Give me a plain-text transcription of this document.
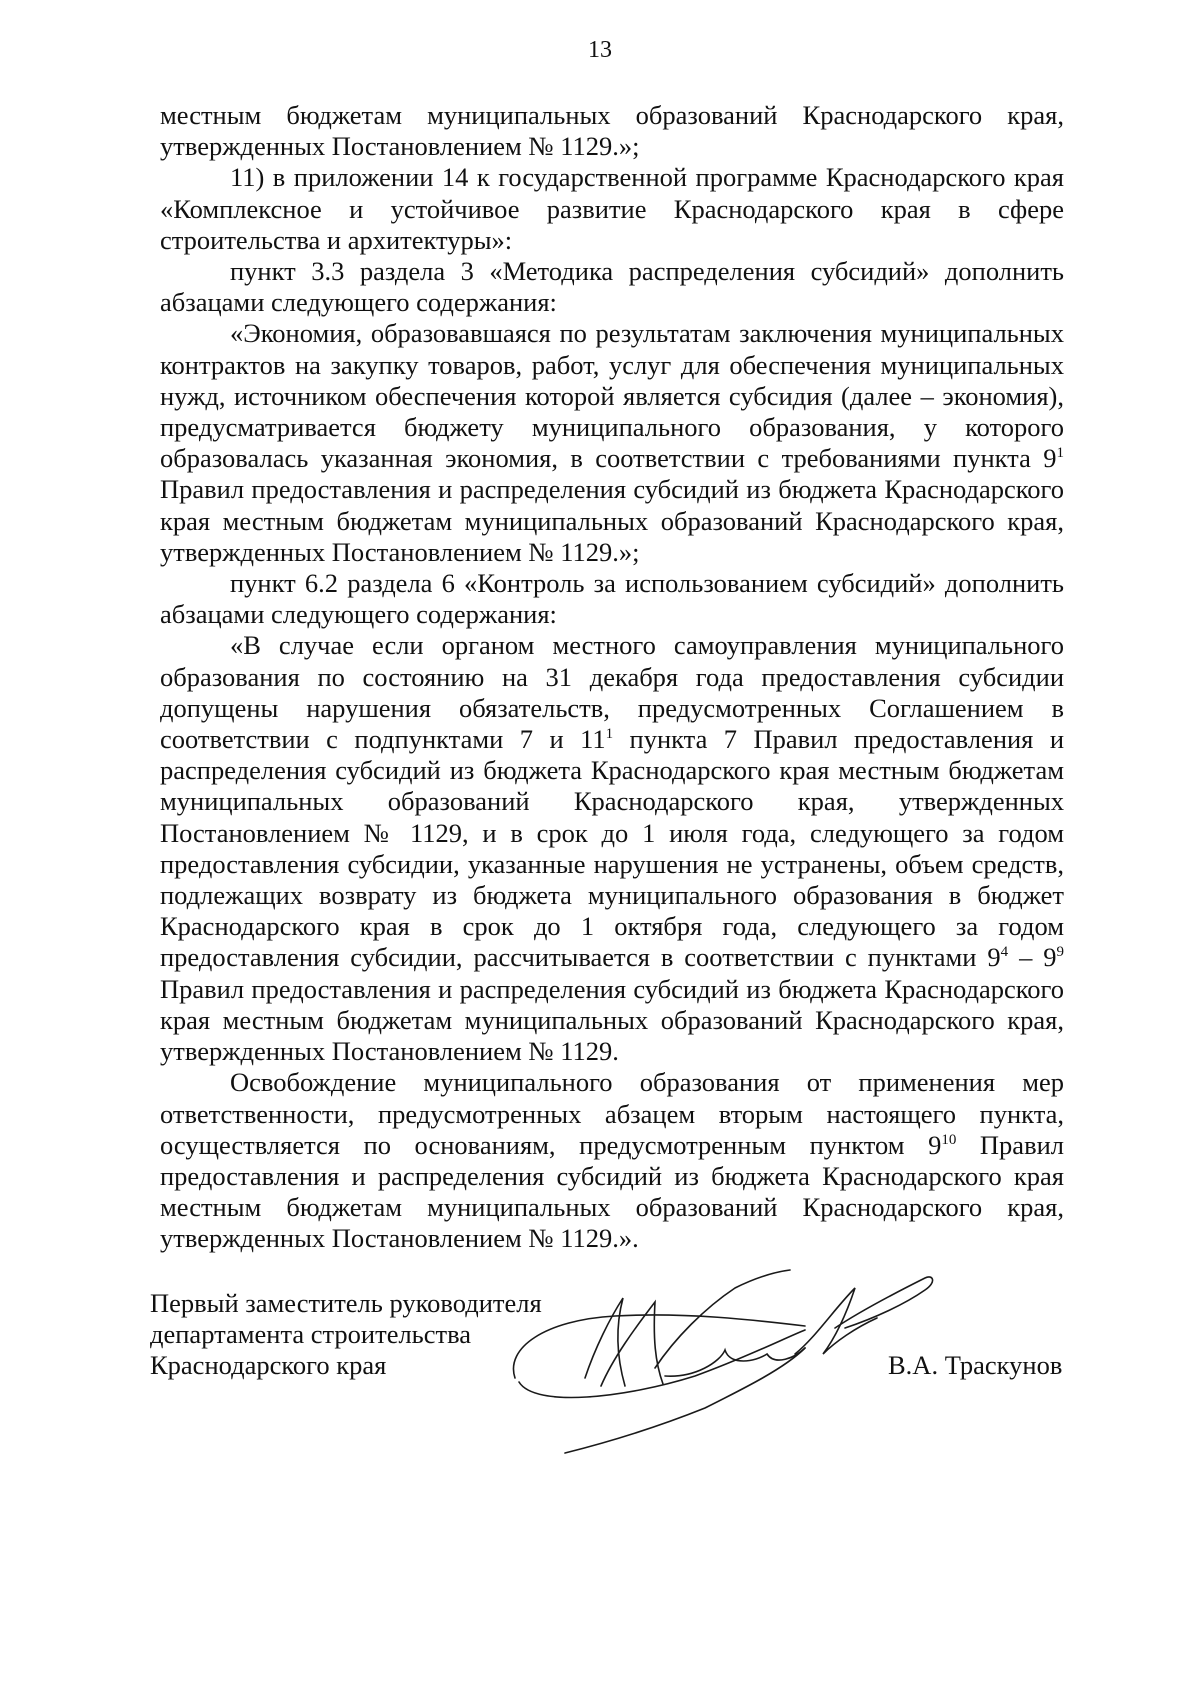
13

местным бюджетам муниципальных образований Краснодарского края, утвержденных Постановлением № 1129.»;

11) в приложении 14 к государственной программе Краснодарского края «Комплексное и устойчивое развитие Краснодарского края в сфере строительства и архитектуры»:

пункт 3.3 раздела 3 «Методика распределения субсидий» дополнить абзацами следующего содержания:

«Экономия, образовавшаяся по результатам заключения муниципальных контрактов на закупку товаров, работ, услуг для обеспечения муниципальных нужд, источником обеспечения которой является субсидия (далее – экономия), предусматривается бюджету муниципального образования, у которого образовалась указанная экономия, в соответствии с требованиями пункта $9^1$ Правил предоставления и распределения субсидий из бюджета Краснодарского края местным бюджетам муниципальных образований Краснодарского края, утвержденных Постановлением № 1129.»;

пункт 6.2 раздела 6 «Контроль за использованием субсидий» дополнить абзацами следующего содержания:

«В случае если органом местного самоуправления муниципального образования по состоянию на 31 декабря года предоставления субсидии допущены нарушения обязательств, предусмотренных Соглашением в соответствии с подпунктами 7 и $11^1$ пункта 7 Правил предоставления и распределения субсидий из бюджета Краснодарского края местным бюджетам муниципальных образований Краснодарского края, утвержденных Постановлением № 1129, и в срок до 1 июля года, следующего за годом предоставления субсидии, указанные нарушения не устранены, объем средств, подлежащих возврату из бюджета муниципального образования в бюджет Краснодарского края в срок до 1 октября года, следующего за годом предоставления субсидии, рассчитывается в соответствии с пунктами $9^4 - 9^9$ Правил предоставления и распределения субсидий из бюджета Краснодарского края местным бюджетам муниципальных образований Краснодарского края, утвержденных Постановлением № 1129.

Освобождение муниципального образования от применения мер ответственности, предусмотренных абзацем вторым настоящего пункта, осуществляется по основаниям, предусмотренным пунктом $9^{10}$ Правил предоставления и распределения субсидий из бюджета Краснодарского края местным бюджетам муниципальных образований Краснодарского края, утвержденных Постановлением № 1129.».

Первый заместитель руководителя
департамента строительства
Краснодарского края	В.А. Траскунов
